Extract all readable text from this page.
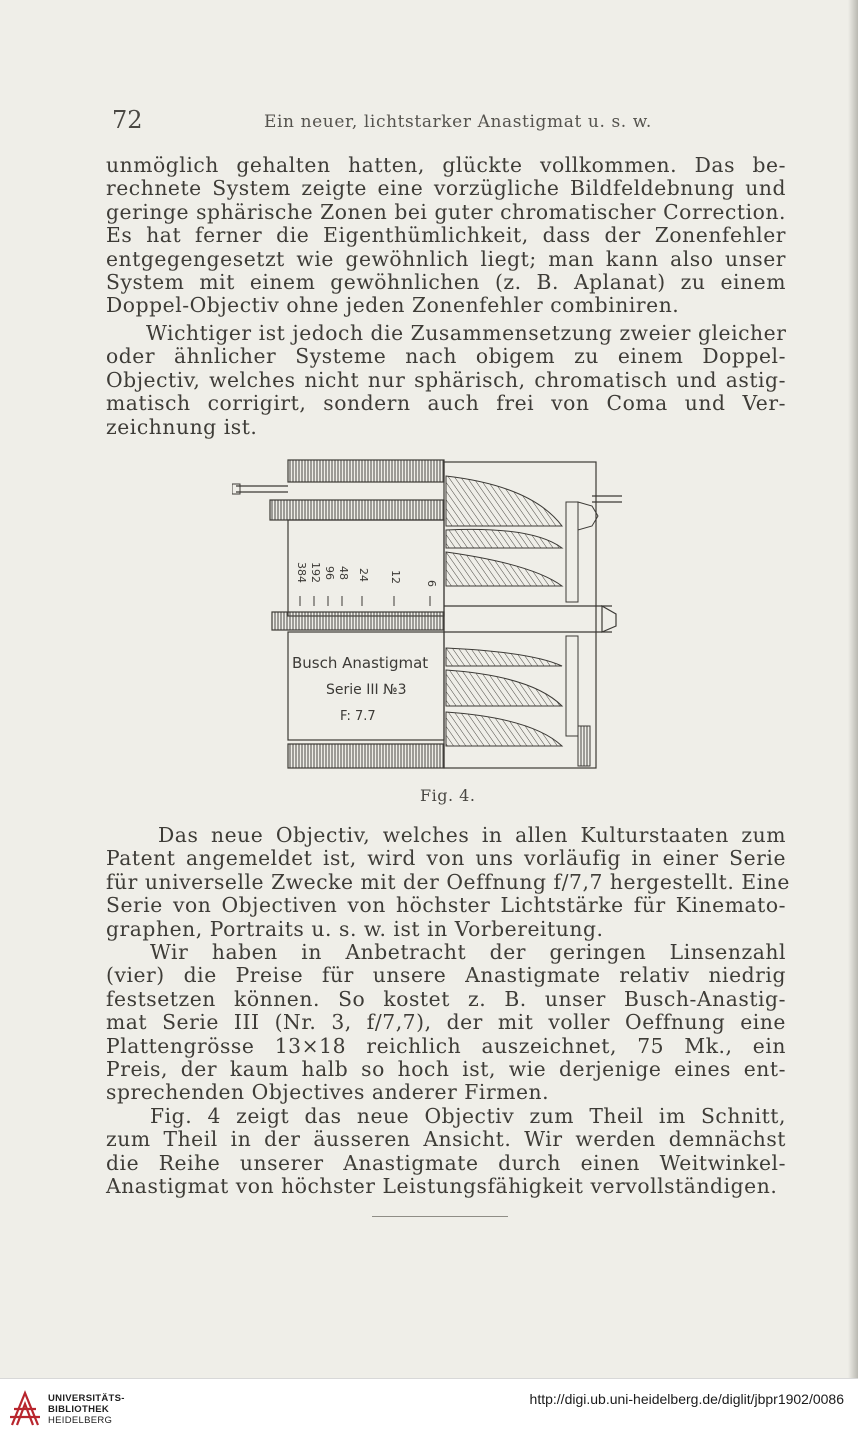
72	Ein neuer, lichtstarker Anastigmat u. s. w.

unmöglich gehalten hatten, glückte vollkommen. Das be-
rechnete System zeigte eine vorzügliche Bildfeldebnung und
geringe sphärische Zonen bei guter chromatischer Correction.
Es hat ferner die Eigenthümlichkeit, dass der Zonenfehler
entgegengesetzt wie gewöhnlich liegt; man kann also unser
System mit einem gewöhnlichen (z. B. Aplanat) zu einem
Doppel-Objectiv ohne jeden Zonenfehler combiniren.

Wichtiger ist jedoch die Zusammensetzung zweier gleicher
oder ähnlicher Systeme nach obigem zu einem Doppel-
Objectiv, welches nicht nur sphärisch, chromatisch und astig-
matisch corrigirt, sondern auch frei von Coma und Ver-
zeichnung ist.

6
12
24
48
96
192
384
Busch Anastigmat
Serie III №3
F: 7.7
Fig. 4.

Das neue Objectiv, welches in allen Kulturstaaten zum
Patent angemeldet ist, wird von uns vorläufig in einer Serie
für universelle Zwecke mit der Oeffnung f/7,7 hergestellt. Eine
Serie von Objectiven von höchster Lichtstärke für Kinemato-
graphen, Portraits u. s. w. ist in Vorbereitung.

Wir haben in Anbetracht der geringen Linsenzahl
(vier) die Preise für unsere Anastigmate relativ niedrig
festsetzen können. So kostet z. B. unser Busch-Anastig-
mat Serie III (Nr. 3, f/7,7), der mit voller Oeffnung eine
Plattengrösse 13×18 reichlich auszeichnet, 75 Mk., ein
Preis, der kaum halb so hoch ist, wie derjenige eines ent-
sprechenden Objectives anderer Firmen.

Fig. 4 zeigt das neue Objectiv zum Theil im Schnitt,
zum Theil in der äusseren Ansicht. Wir werden demnächst
die Reihe unserer Anastigmate durch einen Weitwinkel-
Anastigmat von höchster Leistungsfähigkeit vervollständigen.

UNIVERSITÄTS-
BIBLIOTHEK
HEIDELBERG
http://digi.ub.uni-heidelberg.de/diglit/jbpr1902/0086
